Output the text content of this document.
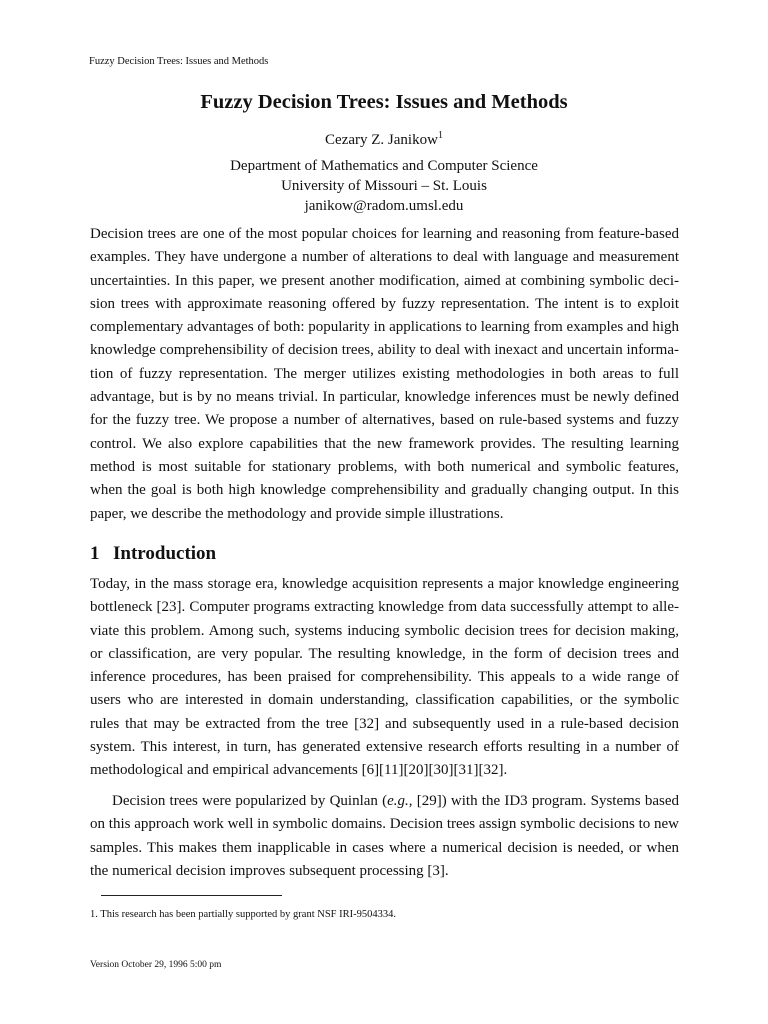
Fuzzy Decision Trees: Issues and Methods
Fuzzy Decision Trees: Issues and Methods
Cezary Z. Janikow$^1$
Department of Mathematics and Computer Science
University of Missouri – St. Louis
janikow@radom.umsl.edu
Decision trees are one of the most popular choices for learning and reasoning from feature-based examples. They have undergone a number of alterations to deal with language and measurement uncertainties. In this paper, we present another modification, aimed at combining symbolic decision trees with approximate reasoning offered by fuzzy representation. The intent is to exploit complementary advantages of both: popularity in applications to learning from examples and high knowledge comprehensibility of decision trees, ability to deal with inexact and uncertain information of fuzzy representation. The merger utilizes existing methodologies in both areas to full advantage, but is by no means trivial. In particular, knowledge inferences must be newly defined for the fuzzy tree. We propose a number of alternatives, based on rule-based systems and fuzzy control. We also explore capabilities that the new framework provides. The resulting learning method is most suitable for stationary problems, with both numerical and symbolic features, when the goal is both high knowledge comprehensibility and gradually changing output. In this paper, we describe the methodology and provide simple illustrations.
1 Introduction
Today, in the mass storage era, knowledge acquisition represents a major knowledge engineering bottleneck [23]. Computer programs extracting knowledge from data successfully attempt to alleviate this problem. Among such, systems inducing symbolic decision trees for decision making, or classification, are very popular. The resulting knowledge, in the form of decision trees and inference procedures, has been praised for comprehensibility. This appeals to a wide range of users who are interested in domain understanding, classification capabilities, or the symbolic rules that may be extracted from the tree [32] and subsequently used in a rule-based decision system. This interest, in turn, has generated extensive research efforts resulting in a number of methodological and empirical advancements [6][11][20][30][31][32].
Decision trees were popularized by Quinlan (e.g., [29]) with the ID3 program. Systems based on this approach work well in symbolic domains. Decision trees assign symbolic decisions to new samples. This makes them inapplicable in cases where a numerical decision is needed, or when the numerical decision improves subsequent processing [3].
1. This research has been partially supported by grant NSF IRI-9504334.
Version October 29, 1996 5:00 pm
